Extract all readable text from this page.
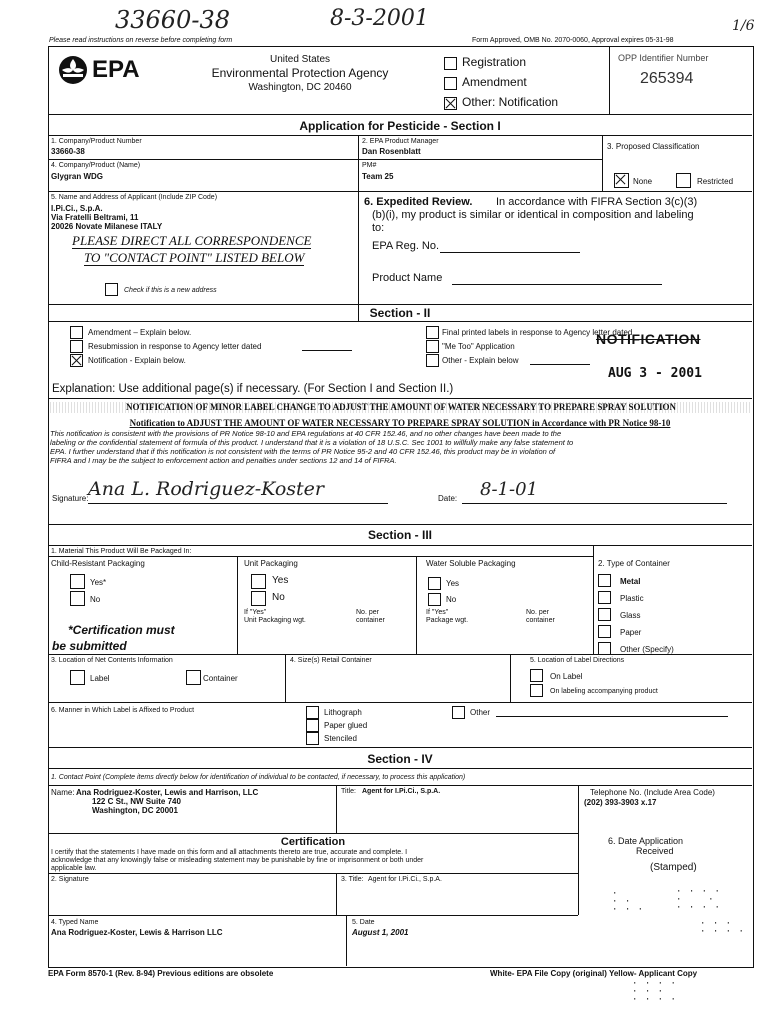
33660-38	8-3-2001	1/6
Please read instructions on reverse before completing form	Form Approved, OMB No. 2070-0060, Approval expires 05-31-98
EPA	United States
Environmental Protection Agency
Washington, DC 20460
Registration
Amendment
Other: Notification
OPP Identifier Number
265394
Application for Pesticide - Section I
1. Company/Product Number
33660-38
2. EPA Product Manager
Dan Rosenblatt
3. Proposed Classification
4. Company/Product (Name)
Glygran WDG
PM#
Team 25
None	Restricted
5. Name and Address of Applicant (Include ZIP Code)
I.Pi.Ci., S.p.A.
Via Fratelli Beltrami, 11
20026 Novate Milanese ITALY
PLEASE DIRECT ALL CORRESPONDENCE
TO "CONTACT POINT" LISTED BELOW
Check if this is a new address
6. Expedited Review. In accordance with FIFRA Section 3(c)(3)
(b)(i), my product is similar or identical in composition and labeling
to:
EPA Reg. No.
Product Name
Section - II
Amendment – Explain below.
Resubmission in response to Agency letter dated
Notification - Explain below.
Final printed labels in response to Agency letter dated
"Me Too" Application
Other - Explain below
NOTIFICATION
AUG 3 - 2001
Explanation: Use additional page(s) if necessary. (For Section I and Section II.)
NOTIFICATION OF MINOR LABEL CHANGE TO ADJUST THE AMOUNT OF WATER NECESSARY TO PREPARE SPRAY SOLUTION
Notification to ADJUST THE AMOUNT OF WATER NECESSARY TO PREPARE SPRAY SOLUTION in Accordance with PR Notice 98-10
This notification is consistent with the provisions of PR Notice 98-10 and EPA regulations at 40 CFR 152.46, and no other changes have been made to the
labeling or the confidential statement of formula of this product. I understand that it is a violation of 18 U.S.C. Sec 1001 to willfully make any false statement to
EPA. I further understand that if this notification is not consistent with the terms of PR Notice 95-2 and 40 CFR 152.46, this product may be in violation of
FIFRA and I may be the subject to enforcement action and penalties under sections 12 and 14 of FIFRA.
Signature: Ana L. Rodriguez-Koster	Date: 8-1-01
Section - III
1. Material This Product Will Be Packaged In:
Child-Resistant Packaging
Yes*
No
*Certification must
be submitted
Unit Packaging
Yes
No
If "Yes"
Unit Packaging wgt.
No. per
container
Water Soluble Packaging
Yes
No
If "Yes"
Package wgt.
No. per
container
2. Type of Container
Metal
Plastic
Glass
Paper
Other (Specify)
3. Location of Net Contents Information
Label	Container
4. Size(s) Retail Container	5. Location of Label Directions
On Label
On labeling accompanying product
6. Manner in Which Label is Affixed to Product	Lithograph
Paper glued
Stenciled
Other
Section - IV
1. Contact Point (Complete items directly below for identification of individual to be contacted, if necessary, to process this application)
Name: Ana Rodriguez-Koster, Lewis and Harrison, LLC
122 C St., NW Suite 740
Washington, DC 20001
Title: Agent for I.Pi.Ci., S.p.A.	Telephone No. (Include Area Code)
(202) 393-3903 x.17
Certification
I certify that the statements I have made on this form and all attachments thereto are true, accurate and complete. I
acknowledge that any knowingly false or misleading statement may be punishable by fine or imprisonment or both under
applicable law.
2. Signature	3. Title: Agent for I.Pi.Ci., S.p.A.
4. Typed Name
Ana Rodriguez-Koster, Lewis & Harrison LLC
5. Date
August 1, 2001
6. Date Application
Received
(Stamped)
·
· ·
· · ·
· · · ·
·    ·
· · · ·
· · ·
· · · ·
EPA Form 8570-1 (Rev. 8-94) Previous editions are obsolete	White- EPA File Copy (original) Yellow- Applicant Copy
· · · ·
· · ·
· · · ·
